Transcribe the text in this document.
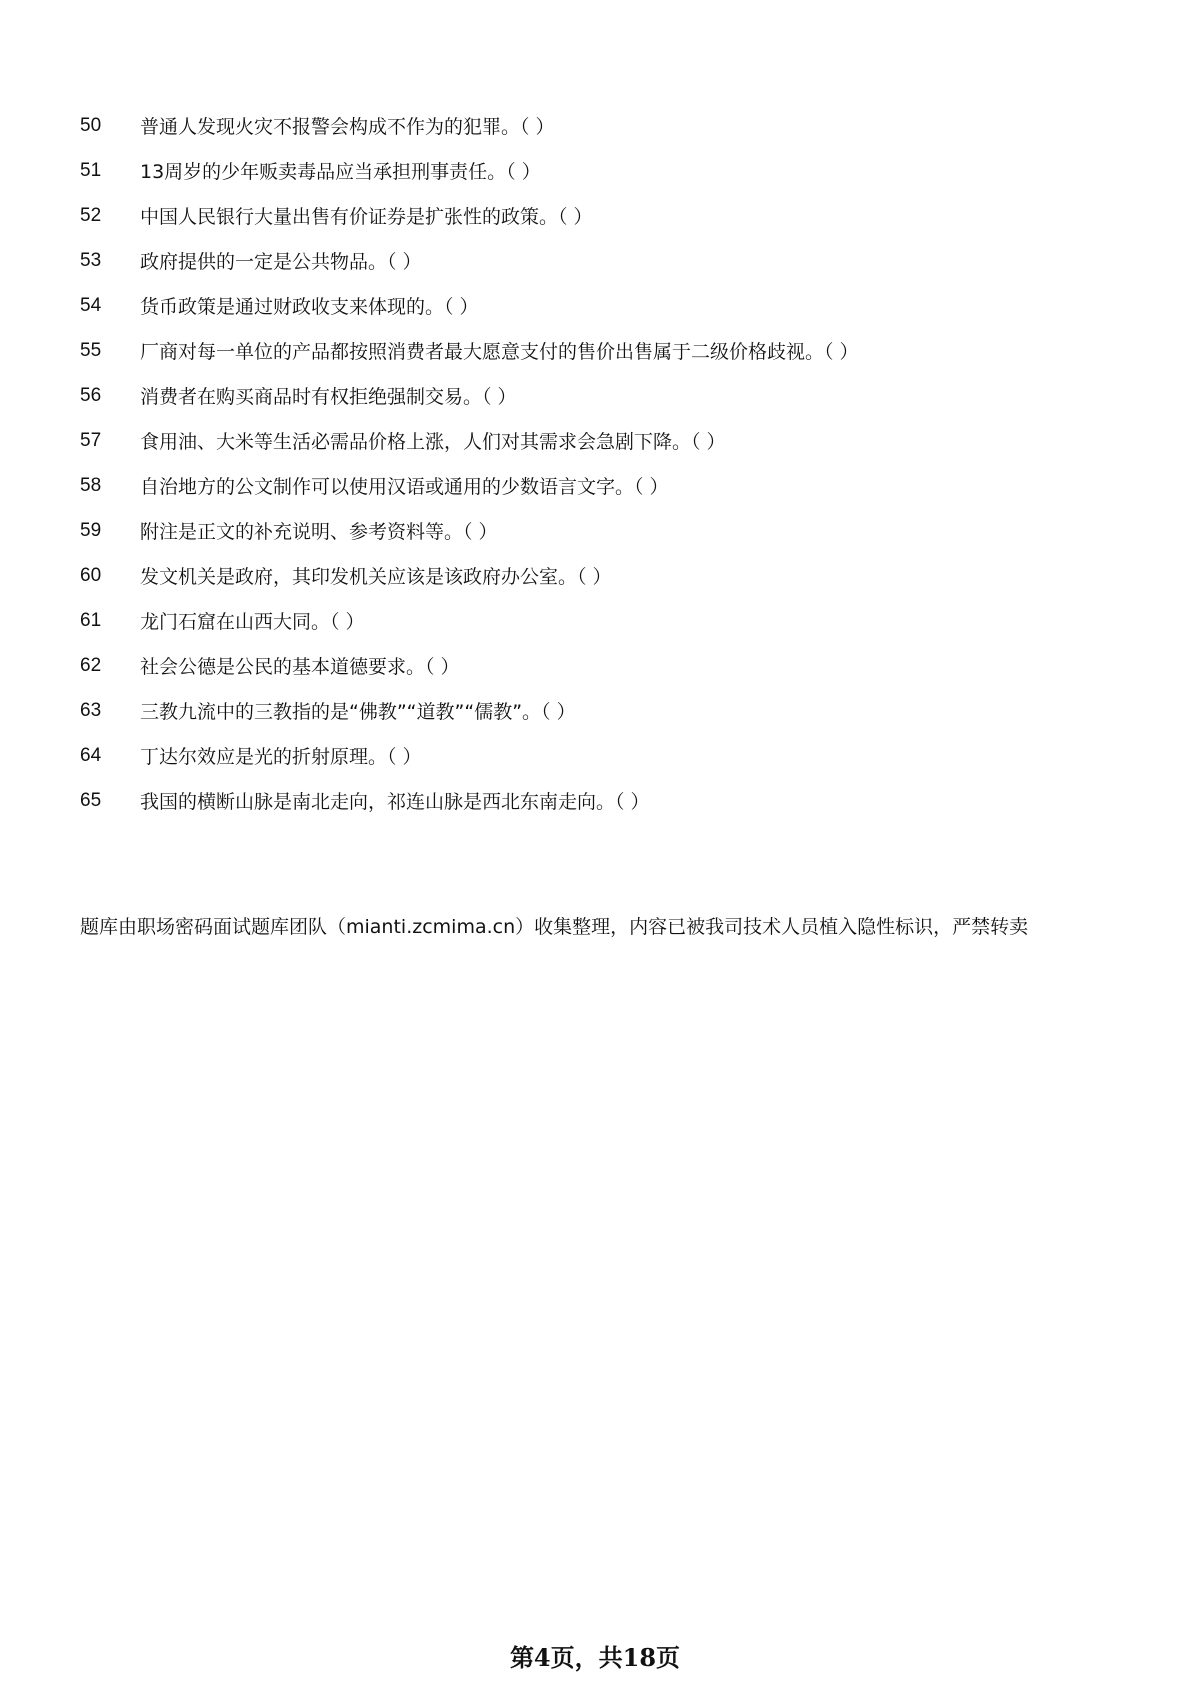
50	普通人发现火灾不报警会构成不作为的犯罪。（ ）
51	13周岁的少年贩卖毒品应当承担刑事责任。（ ）
52	中国人民银行大量出售有价证券是扩张性的政策。（ ）
53	政府提供的一定是公共物品。（ ）
54	货币政策是通过财政收支来体现的。（ ）
55	厂商对每一单位的产品都按照消费者最大愿意支付的售价出售属于二级价格歧视。（ ）
56	消费者在购买商品时有权拒绝强制交易。（ ）
57	食用油、大米等生活必需品价格上涨，人们对其需求会急剧下降。（ ）
58	自治地方的公文制作可以使用汉语或通用的少数语言文字。（ ）
59	附注是正文的补充说明、参考资料等。（ ）
60	发文机关是政府，其印发机关应该是该政府办公室。（ ）
61	龙门石窟在山西大同。（ ）
62	社会公德是公民的基本道德要求。（ ）
63	三教九流中的三教指的是“佛教”“道教”“儒教”。（ ）
64	丁达尔效应是光的折射原理。（ ）
65	我国的横断山脉是南北走向，祁连山脉是西北东南走向。（ ）
题库由职场密码面试题库团队（mianti.zcmima.cn）收集整理，内容已被我司技术人员植入隐性标识，严禁转卖
第4页，共18页
